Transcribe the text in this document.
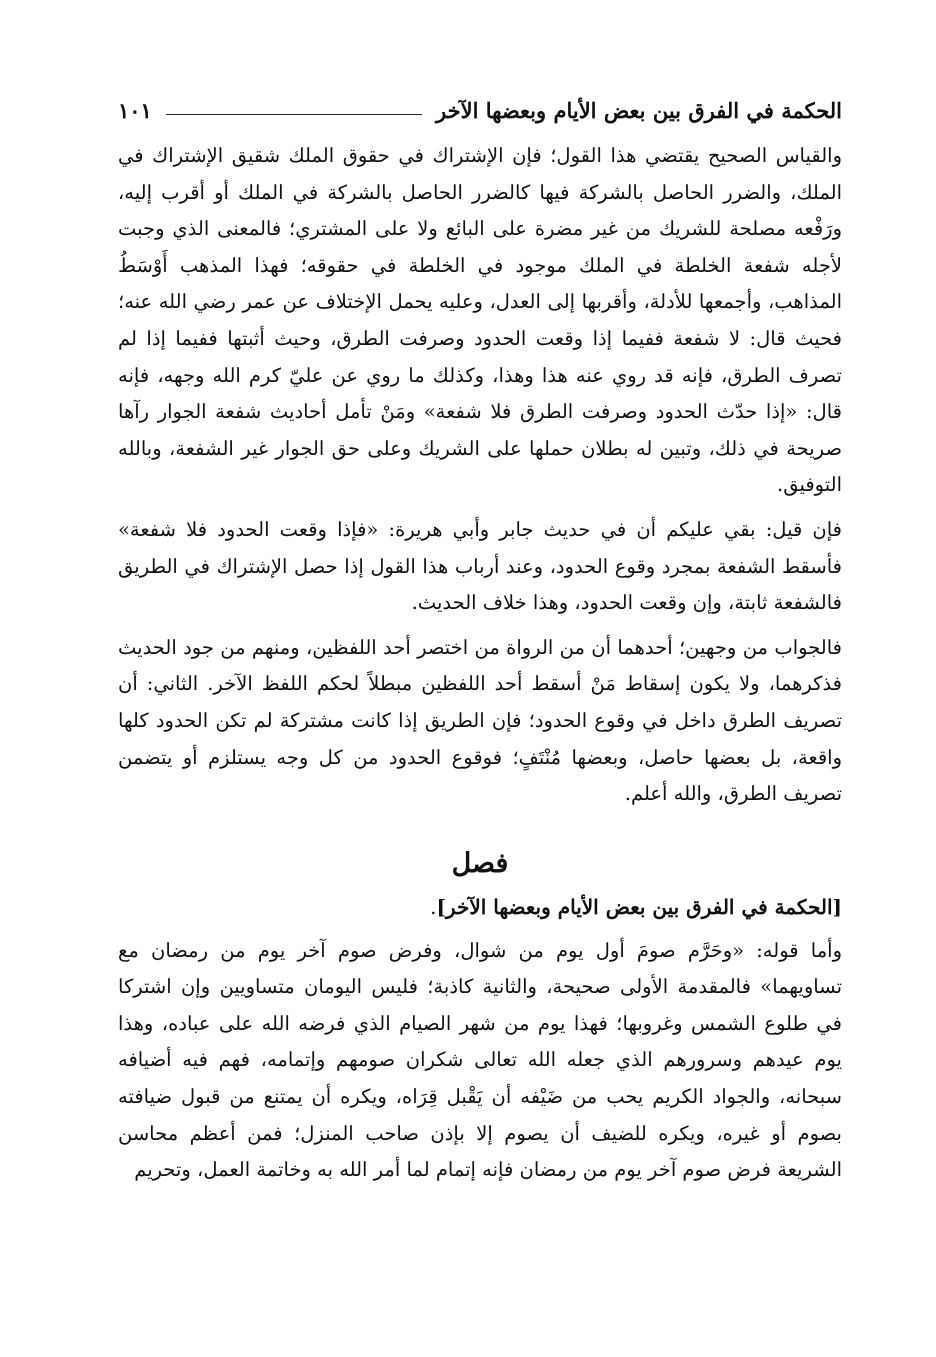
الحكمة في الفرق بين بعض الأيام وبعضها الآخر
١٠١

والقياس الصحيح يقتضي هذا القول؛ فإن الإشتراك في حقوق الملك شقيق الإشتراك في الملك، والضرر الحاصل بالشركة فيها كالضرر الحاصل بالشركة في الملك أو أقرب إليه، ورَفْعه مصلحة للشريك من غير مضرة على البائع ولا على المشتري؛ فالمعنى الذي وجبت لأجله شفعة الخلطة في الملك موجود في الخلطة في حقوقه؛ فهذا المذهب أَوْسَطُ المذاهب، وأجمعها للأدلة، وأقربها إلى العدل، وعليه يحمل الإختلاف عن عمر رضي الله عنه؛ فحيث قال: لا شفعة ففيما إذا وقعت الحدود وصرفت الطرق، وحيث أثبتها ففيما إذا لم تصرف الطرق، فإنه قد روي عنه هذا وهذا، وكذلك ما روي عن عليّ كرم الله وجهه، فإنه قال: «إذا حدّث الحدود وصرفت الطرق فلا شفعة» ومَنْ تأمل أحاديث شفعة الجوار رآها صريحة في ذلك، وتبين له بطلان حملها على الشريك وعلى حق الجوار غير الشفعة، وبالله التوفيق.

فإن قيل: بقي عليكم أن في حديث جابر وأبي هريرة: «فإذا وقعت الحدود فلا شفعة» فأسقط الشفعة بمجرد وقوع الحدود، وعند أرباب هذا القول إذا حصل الإشتراك في الطريق فالشفعة ثابتة، وإن وقعت الحدود، وهذا خلاف الحديث.

فالجواب من وجهين؛ أحدهما أن من الرواة من اختصر أحد اللفظين، ومنهم من جود الحديث فذكرهما، ولا يكون إسقاط مَنْ أسقط أحد اللفظين مبطلاً لحكم اللفظ الآخر. الثاني: أن تصريف الطرق داخل في وقوع الحدود؛ فإن الطريق إذا كانت مشتركة لم تكن الحدود كلها واقعة، بل بعضها حاصل، وبعضها مُنْتَفٍ؛ فوقوع الحدود من كل وجه يستلزم أو يتضمن تصريف الطرق، والله أعلم.

فصل
[الحكمة في الفرق بين بعض الأيام وبعضها الآخر].

وأما قوله: «وحَرَّم صومَ أول يوم من شوال، وفرض صوم آخر يوم من رمضان مع تساويهما» فالمقدمة الأولى صحيحة، والثانية كاذبة؛ فليس اليومان متساويين وإن اشتركا في طلوع الشمس وغروبها؛ فهذا يوم من شهر الصيام الذي فرضه الله على عباده، وهذا يوم عيدهم وسرورهم الذي جعله الله تعالى شكران صومهم وإتمامه، فهم فيه أضيافه سبحانه، والجواد الكريم يحب من ضَيْفه أن يَقْبل قِرَاه، ويكره أن يمتنع من قبول ضيافته بصوم أو غيره، ويكره للضيف أن يصوم إلا بإذن صاحب المنزل؛ فمن أعظم محاسن الشريعة فرض صوم آخر يوم من رمضان فإنه إتمام لما أمر الله به وخاتمة العمل، وتحريم
